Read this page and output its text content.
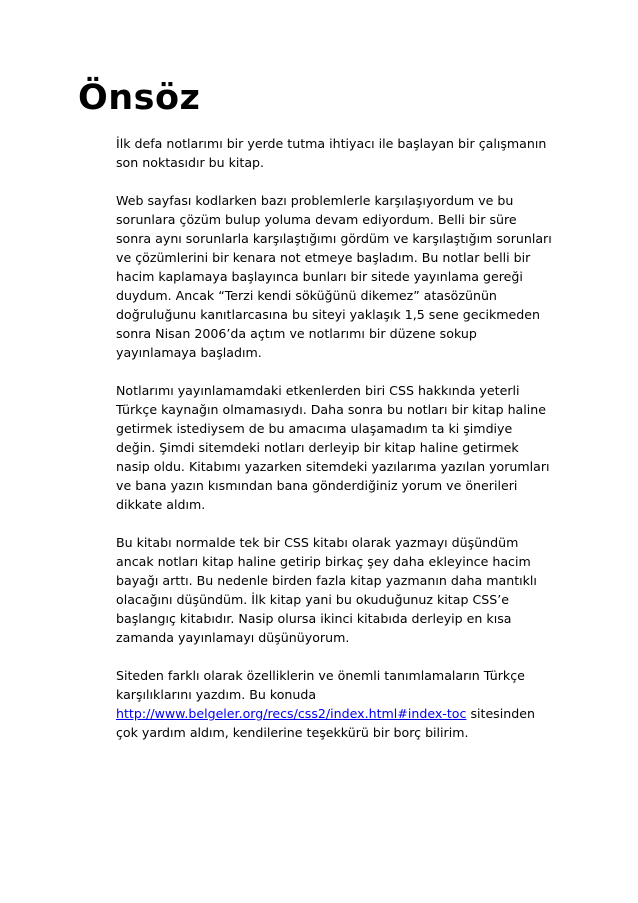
Önsöz

İlk defa notlarımı bir yerde tutma ihtiyacı ile başlayan bir çalışmanın
son noktasıdır bu kitap.

Web sayfası kodlarken bazı problemlerle karşılaşıyordum ve bu
sorunlara çözüm bulup yoluma devam ediyordum. Belli bir süre
sonra aynı sorunlarla karşılaştığımı gördüm ve karşılaştığım sorunları
ve çözümlerini bir kenara not etmeye başladım. Bu notlar belli bir
hacim kaplamaya başlayınca bunları bir sitede yayınlama gereği
duydum. Ancak “Terzi kendi söküğünü dikemez” atasözünün
doğruluğunu kanıtlarcasına bu siteyi yaklaşık 1,5 sene gecikmeden
sonra Nisan 2006’da açtım ve notlarımı bir düzene sokup
yayınlamaya başladım.

Notlarımı yayınlamamdaki etkenlerden biri CSS hakkında yeterli
Türkçe kaynağın olmamasıydı. Daha sonra bu notları bir kitap haline
getirmek istediysem de bu amacıma ulaşamadım ta ki şimdiye
değin. Şimdi sitemdeki notları derleyip bir kitap haline getirmek
nasip oldu. Kitabımı yazarken sitemdeki yazılarıma yazılan yorumları
ve bana yazın kısmından bana gönderdiğiniz yorum ve önerileri
dikkate aldım.

Bu kitabı normalde tek bir CSS kitabı olarak yazmayı düşündüm
ancak notları kitap haline getirip birkaç şey daha ekleyince hacim
bayağı arttı. Bu nedenle birden fazla kitap yazmanın daha mantıklı
olacağını düşündüm. İlk kitap yani bu okuduğunuz kitap CSS’e
başlangıç kitabıdır. Nasip olursa ikinci kitabıda derleyip en kısa
zamanda yayınlamayı düşünüyorum.

Siteden farklı olarak özelliklerin ve önemli tanımlamaların Türkçe
karşılıklarını yazdım. Bu konuda
http://www.belgeler.org/recs/css2/index.html#index-toc sitesinden
çok yardım aldım, kendilerine teşekkürü bir borç bilirim.
